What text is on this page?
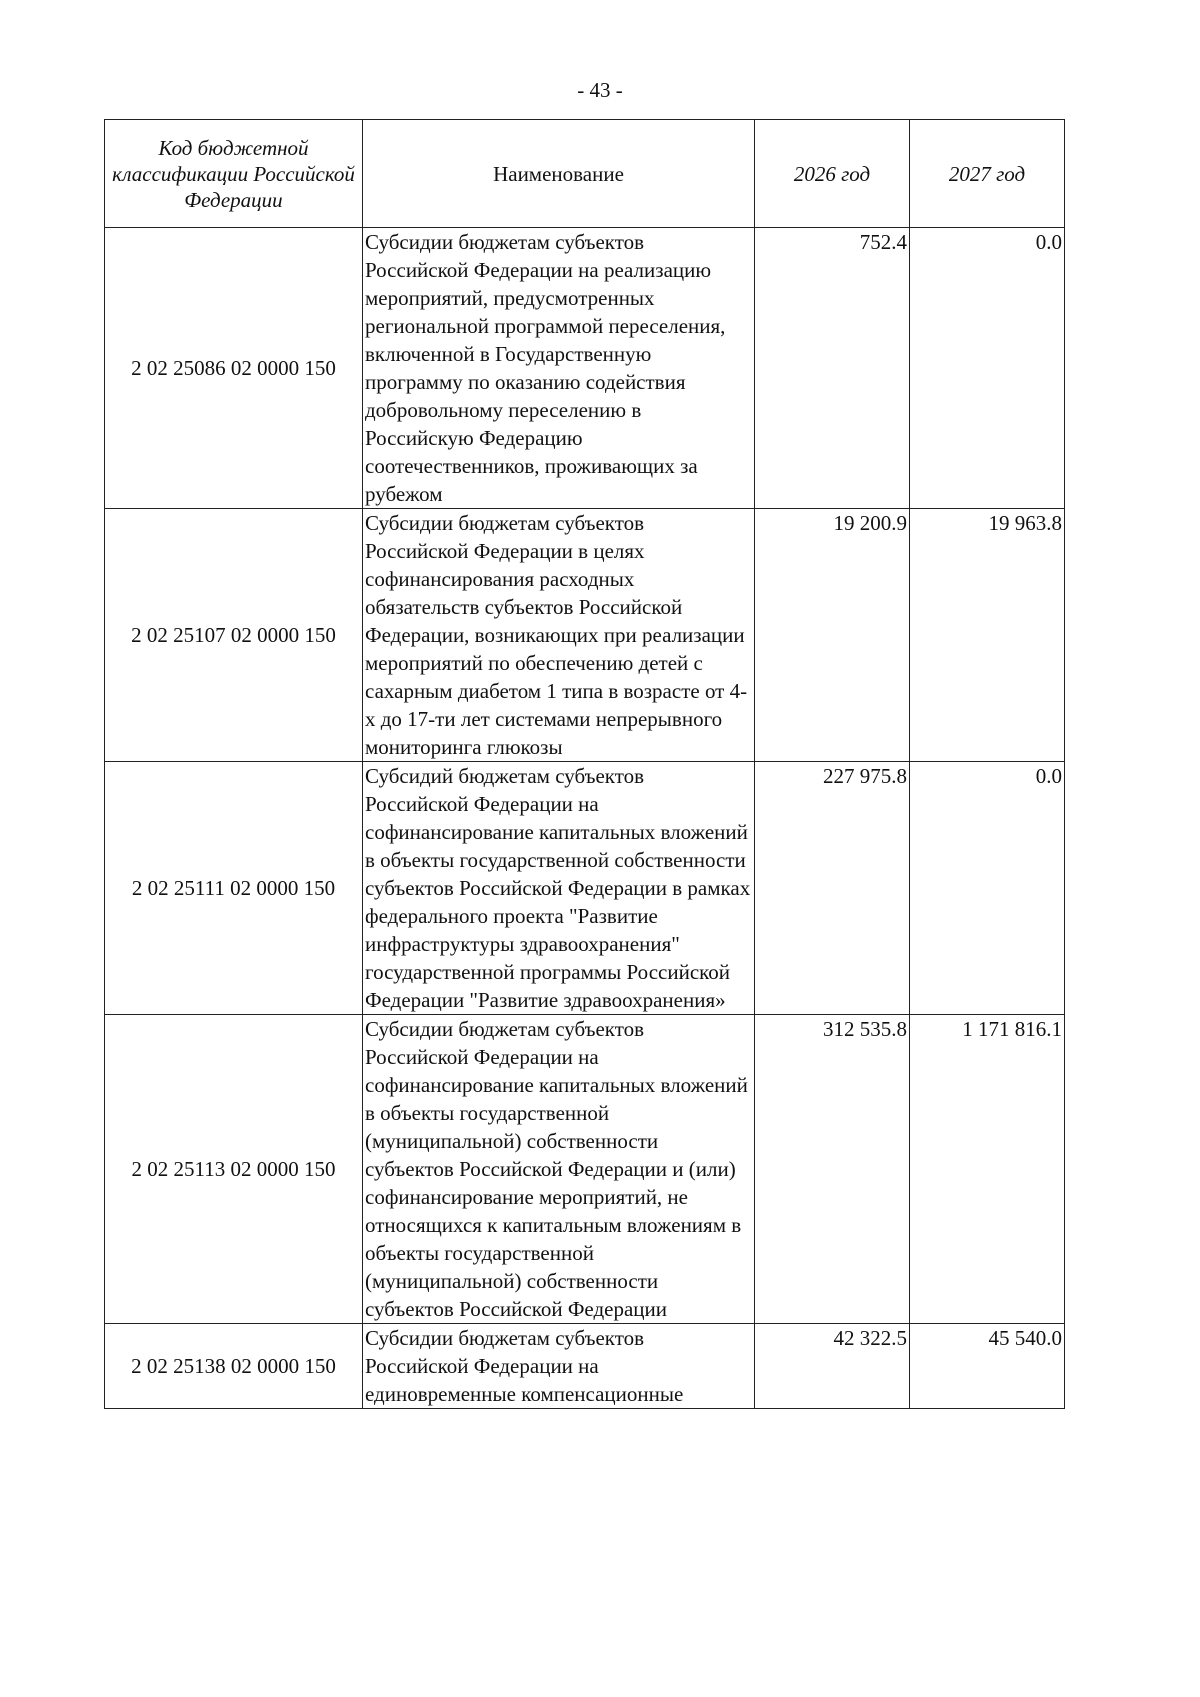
- 43 -
Код бюджетной классификации Российской Федерации	Наименование	2026 год	2027 год
2 02 25086 02 0000 150	Субсидии бюджетам субъектов Российской Федерации на реализацию мероприятий, предусмотренных региональной программой переселения, включенной в Государственную программу по оказанию содействия добровольному переселению в Российскую Федерацию соотечественников, проживающих за рубежом	752.4	0.0
2 02 25107 02 0000 150	Субсидии бюджетам субъектов Российской Федерации в целях софинансирования расходных обязательств субъектов Российской Федерации, возникающих при реализации мероприятий по обеспечению детей с сахарным диабетом 1 типа в возрасте от 4-х до 17-ти лет системами непрерывного мониторинга глюкозы	19 200.9	19 963.8
2 02 25111 02 0000 150	Субсидий бюджетам субъектов Российской Федерации на софинансирование капитальных вложений в объекты государственной собственности субъектов Российской Федерации в рамках федерального проекта "Развитие инфраструктуры здравоохранения" государственной программы Российской Федерации "Развитие здравоохранения»	227 975.8	0.0
2 02 25113 02 0000 150	Субсидии бюджетам субъектов Российской Федерации на софинансирование капитальных вложений в объекты государственной (муниципальной) собственности субъектов Российской Федерации и (или) софинансирование мероприятий, не относящихся к капитальным вложениям в объекты государственной (муниципальной) собственности субъектов Российской Федерации	312 535.8	1 171 816.1
2 02 25138 02 0000 150	Субсидии бюджетам субъектов Российской Федерации на единовременные компенсационные	42 322.5	45 540.0
